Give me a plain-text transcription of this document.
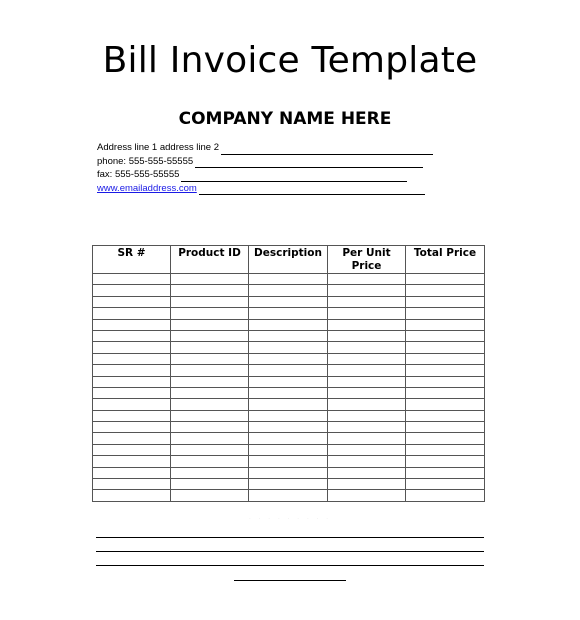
Bill Invoice Template
COMPANY NAME HERE
Address line 1 address line 2
phone: 555-555-55555
fax: 555-555-55555
www.emailaddress.com
SR #	Product ID	Description	Per Unit Price	Total Price

· · · · · · · · ·
